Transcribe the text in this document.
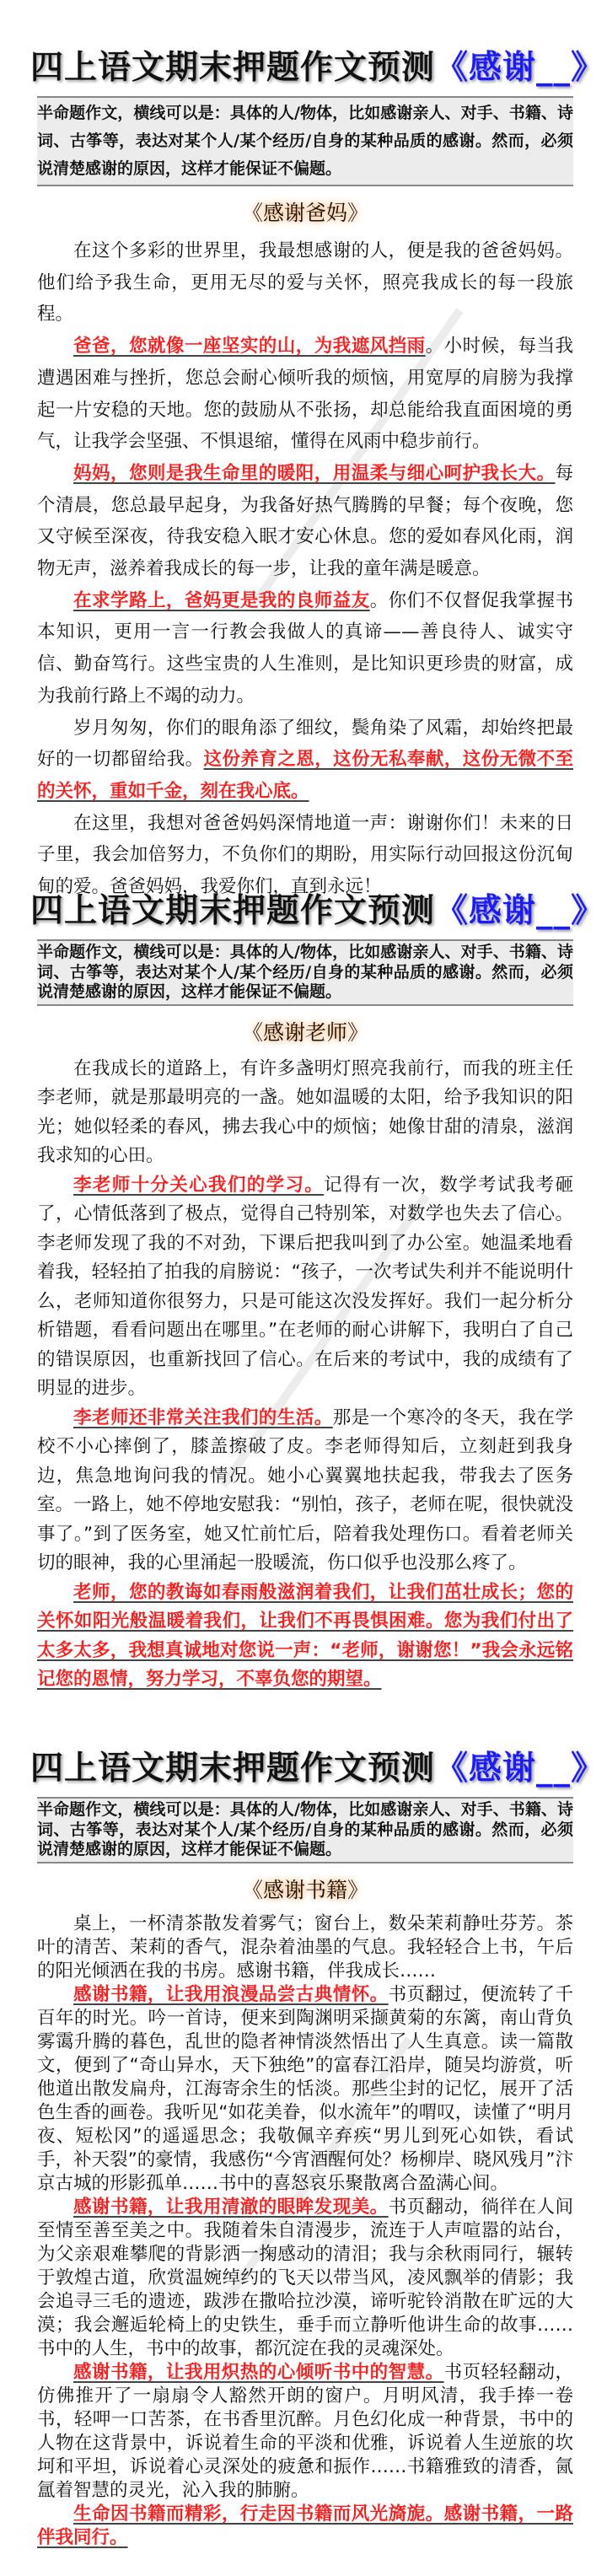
四上语文期末押题作文预测《感谢__》
半命题作文，横线可以是：具体的人/物体，比如感谢亲人、对手、书籍、诗词、古筝等，表达对某个人/某个经历/自身的某种品质的感谢。然而，必须说清楚感谢的原因，这样才能保证不偏题。
《感谢爸妈》

在这个多彩的世界里，我最想感谢的人，便是我的爸爸妈妈。他们给予我生命，更用无尽的爱与关怀，照亮我成长的每一段旅程。

爸爸，您就像一座坚实的山，为我遮风挡雨。小时候，每当我遭遇困难与挫折，您总会耐心倾听我的烦恼，用宽厚的肩膀为我撑起一片安稳的天地。您的鼓励从不张扬，却总能给我直面困境的勇气，让我学会坚强、不惧退缩，懂得在风雨中稳步前行。

妈妈，您则是我生命里的暖阳，用温柔与细心呵护我长大。每个清晨，您总最早起身，为我备好热气腾腾的早餐；每个夜晚，您又守候至深夜，待我安稳入眠才安心休息。您的爱如春风化雨，润物无声，滋养着我成长的每一步，让我的童年满是暖意。

在求学路上，爸妈更是我的良师益友。你们不仅督促我掌握书本知识，更用一言一行教会我做人的真谛——善良待人、诚实守信、勤奋笃行。这些宝贵的人生准则，是比知识更珍贵的财富，成为我前行路上不竭的动力。

岁月匆匆，你们的眼角添了细纹，鬓角染了风霜，却始终把最好的一切都留给我。这份养育之恩，这份无私奉献，这份无微不至的关怀，重如千金，刻在我心底。

在这里，我想对爸爸妈妈深情地道一声：谢谢你们！未来的日子里，我会加倍努力，不负你们的期盼，用实际行动回报这份沉甸甸的爱。爸爸妈妈，我爱你们，直到永远！

四上语文期末押题作文预测《感谢__》
半命题作文，横线可以是：具体的人/物体，比如感谢亲人、对手、书籍、诗词、古筝等，表达对某个人/某个经历/自身的某种品质的感谢。然而，必须说清楚感谢的原因，这样才能保证不偏题。
《感谢老师》

在我成长的道路上，有许多盏明灯照亮我前行，而我的班主任李老师，就是那最明亮的一盏。她如温暖的太阳，给予我知识的阳光；她似轻柔的春风，拂去我心中的烦恼；她像甘甜的清泉，滋润我求知的心田。

李老师十分关心我们的学习。记得有一次，数学考试我考砸了，心情低落到了极点，觉得自己特别笨，对数学也失去了信心。李老师发现了我的不对劲，下课后把我叫到了办公室。她温柔地看着我，轻轻拍了拍我的肩膀说：“孩子，一次考试失利并不能说明什么，老师知道你很努力，只是可能这次没发挥好。我们一起分析分析错题，看看问题出在哪里。”在老师的耐心讲解下，我明白了自己的错误原因，也重新找回了信心。在后来的考试中，我的成绩有了明显的进步。

李老师还非常关注我们的生活。那是一个寒冷的冬天，我在学校不小心摔倒了，膝盖擦破了皮。李老师得知后，立刻赶到我身边，焦急地询问我的情况。她小心翼翼地扶起我，带我去了医务室。一路上，她不停地安慰我：“别怕，孩子，老师在呢，很快就没事了。”到了医务室，她又忙前忙后，陪着我处理伤口。看着老师关切的眼神，我的心里涌起一股暖流，伤口似乎也没那么疼了。

老师，您的教诲如春雨般滋润着我们，让我们茁壮成长；您的关怀如阳光般温暖着我们，让我们不再畏惧困难。您为我们付出了太多太多，我想真诚地对您说一声：“老师，谢谢您！”我会永远铭记您的恩情，努力学习，不辜负您的期望。

四上语文期末押题作文预测《感谢__》
半命题作文，横线可以是：具体的人/物体，比如感谢亲人、对手、书籍、诗词、古筝等，表达对某个人/某个经历/自身的某种品质的感谢。然而，必须说清楚感谢的原因，这样才能保证不偏题。
《感谢书籍》

桌上，一杯清茶散发着雾气；窗台上，数朵茉莉静吐芬芳。茶叶的清苦、茉莉的香气，混杂着油墨的气息。我轻轻合上书，午后的阳光倾洒在我的书房。感谢书籍，伴我成长……

感谢书籍，让我用浪漫品尝古典情怀。书页翻过，便流转了千百年的时光。吟一首诗，便来到陶渊明采撷黄菊的东篱，南山背负雾霭升腾的暮色，乱世的隐者神情淡然悟出了人生真意。读一篇散文，便到了“奇山异水，天下独绝”的富春江沿岸，随吴均游赏，听他道出散发扁舟，江海寄余生的恬淡。那些尘封的记忆，展开了活色生香的画卷。我听见“如花美眷，似水流年”的喟叹，读懂了“明月夜、短松冈”的遥遥思念；我敬佩辛弃疾“男儿到死心如铁，看试手，补天裂”的豪情，我感伤“今宵酒醒何处？杨柳岸、晓风残月”汴京古城的形影孤单……书中的喜怒哀乐聚散离合盈满心间。

感谢书籍，让我用清澈的眼眸发现美。书页翻动，徜徉在人间至情至善至美之中。我随着朱自清漫步，流连于人声喧嚣的站台，为父亲艰难攀爬的背影洒一掬感动的清泪；我与余秋雨同行，辗转于敦煌古道，欣赏温婉绰约的飞天以带当风，凌风飘举的倩影；我会追寻三毛的遗迹，跋涉在撒哈拉沙漠，谛听驼铃消散在旷远的大漠；我会邂逅轮椅上的史铁生，垂手而立静听他讲生命的故事……书中的人生，书中的故事，都沉淀在我的灵魂深处。

感谢书籍，让我用炽热的心倾听书中的智慧。书页轻轻翻动，仿佛推开了一扇扇令人豁然开朗的窗户。月明风清，我手捧一卷书，轻呷一口苦茶，在书香里沉醉。月色幻化成一种背景，书中的人物在这背景中，诉说着生命的平淡和优雅，诉说着人生逆旅的坎坷和平坦，诉说着心灵深处的疲惫和振作……书籍雅致的清香，氤氲着智慧的灵光，沁入我的肺腑。

生命因书籍而精彩，行走因书籍而风光旖旎。感谢书籍，一路伴我同行。
